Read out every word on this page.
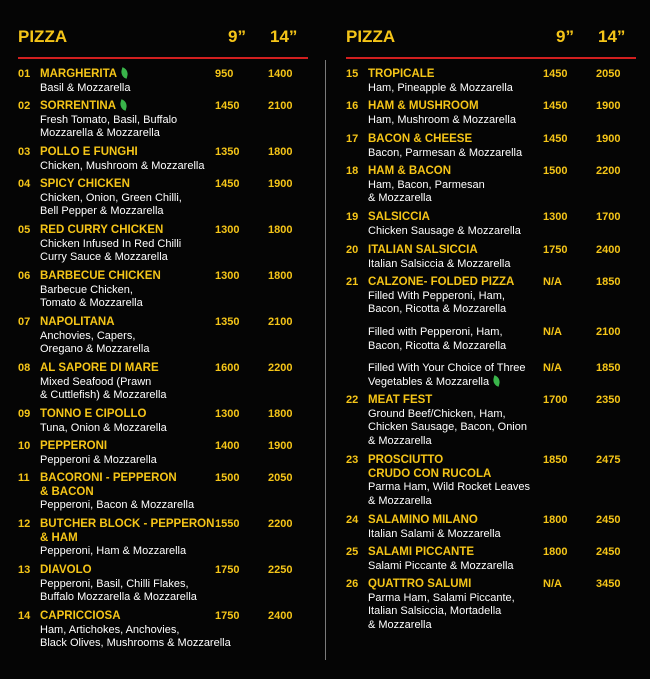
PIZZA	9” 14”
01 MARGHERITA
Basil & Mozzarella
950	1400
02 SORRENTINA
Fresh Tomato, Basil, Buffalo
Mozzarella & Mozzarella
1450	2100
03 POLLO E FUNGHI
Chicken, Mushroom & Mozzarella
1350	1800
04 SPICY CHICKEN
Chicken, Onion, Green Chilli,
Bell Pepper & Mozzarella
1450	1900
05 RED CURRY CHICKEN
Chicken Infused In Red Chilli
Curry Sauce & Mozzarella
1300	1800
06 BARBECUE CHICKEN
Barbecue Chicken,
Tomato & Mozzarella
1300	1800
07 NAPOLITANA
Anchovies, Capers,
Oregano & Mozzarella
1350	2100
08 AL SAPORE DI MARE
Mixed Seafood (Prawn
& Cuttlefish) & Mozzarella
1600	2200
09 TONNO E CIPOLLO
Tuna, Onion & Mozzarella
1300	1800
10 PEPPERONI
Pepperoni & Mozzarella
1400	1900
11 BACORONI - PEPPERON
& BACON
Pepperoni, Bacon & Mozzarella
1500	2050
12 BUTCHER BLOCK - PEPPERON
& HAM
Pepperoni, Ham & Mozzarella
1550	2200
13 DIAVOLO
Pepperoni, Basil, Chilli Flakes,
Buffalo Mozzarella & Mozzarella
1750	2250
14 CAPRICCIOSA
Ham, Artichokes, Anchovies,
Black Olives, Mushrooms & Mozzarella
1750	2400
PIZZA	9” 14”
15 TROPICALE
Ham, Pineapple & Mozzarella
1450	2050
16 HAM & MUSHROOM
Ham, Mushroom & Mozzarella
1450	1900
17 BACON & CHEESE
Bacon, Parmesan & Mozzarella
1450	1900
18 HAM & BACON
Ham, Bacon, Parmesan
& Mozzarella
1500	2200
19 SALSICCIA
Chicken Sausage & Mozzarella
1300	1700
20 ITALIAN SALSICCIA
Italian Salsiccia & Mozzarella
1750	2400
21 CALZONE- FOLDED PIZZA
Filled With Pepperoni, Ham,
Bacon, Ricotta & Mozzarella
N/A	1850
Filled with Pepperoni, Ham,
Bacon, Ricotta & Mozzarella
N/A	2100
Filled With Your Choice of Three
Vegetables & Mozzarella
N/A	1850
22 MEAT FEST
Ground Beef/Chicken, Ham,
Chicken Sausage, Bacon, Onion
& Mozzarella
1700	2350
23 PROSCIUTTO
CRUDO CON RUCOLA
Parma Ham, Wild Rocket Leaves
& Mozzarella
1850	2475
24 SALAMINO MILANO
Italian Salami & Mozzarella
1800	2450
25 SALAMI PICCANTE
Salami Piccante & Mozzarella
1800	2450
26 QUATTRO SALUMI
Parma Ham, Salami Piccante,
Italian Salsiccia, Mortadella
& Mozzarella
N/A	3450
